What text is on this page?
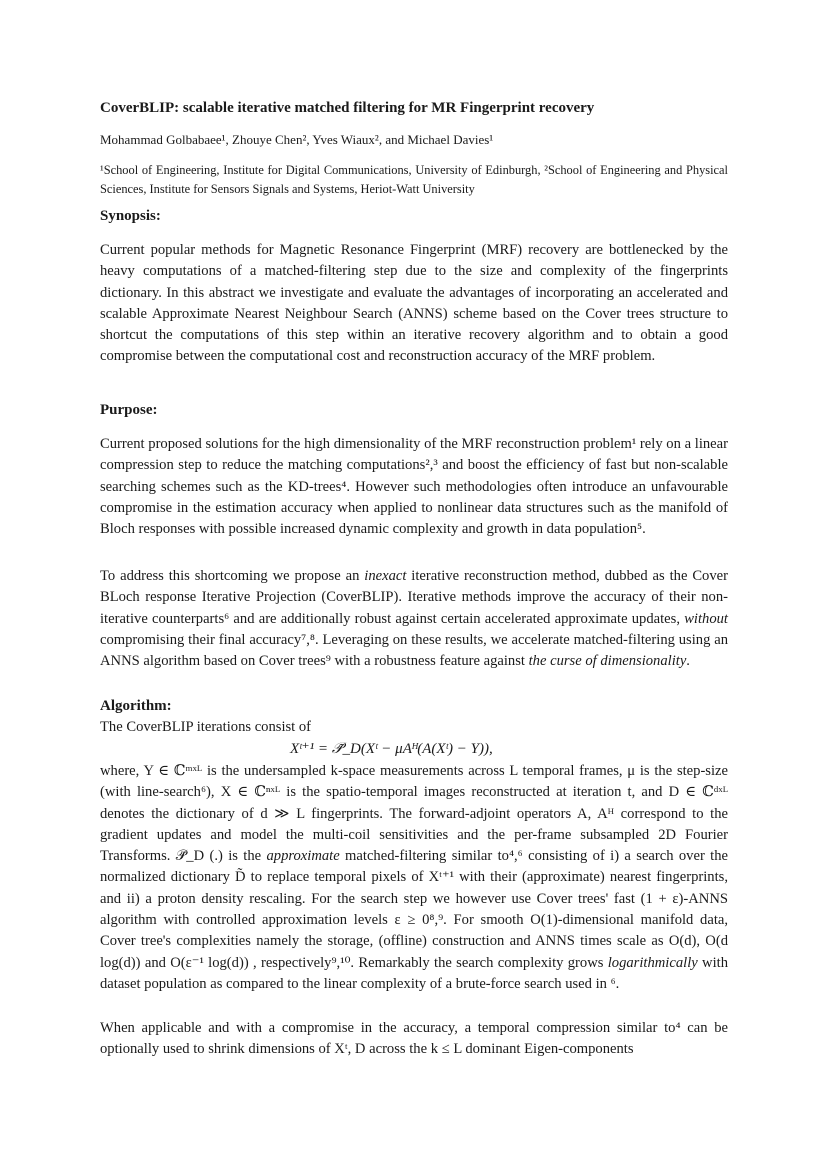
CoverBLIP: scalable iterative matched filtering for MR Fingerprint recovery
Mohammad Golbabaee¹, Zhouye Chen², Yves Wiaux², and Michael Davies¹
¹School of Engineering, Institute for Digital Communications, University of Edinburgh, ²School of Engineering and Physical Sciences, Institute for Sensors Signals and Systems, Heriot-Watt University
Synopsis:
Current popular methods for Magnetic Resonance Fingerprint (MRF) recovery are bottlenecked by the heavy computations of a matched-filtering step due to the size and complexity of the fingerprints dictionary. In this abstract we investigate and evaluate the advantages of incorporating an accelerated and scalable Approximate Nearest Neighbour Search (ANNS) scheme based on the Cover trees structure to shortcut the computations of this step within an iterative recovery algorithm and to obtain a good compromise between the computational cost and reconstruction accuracy of the MRF problem.
Purpose:
Current proposed solutions for the high dimensionality of the MRF reconstruction problem¹ rely on a linear compression step to reduce the matching computations²,³ and boost the efficiency of fast but non-scalable searching schemes such as the KD-trees⁴. However such methodologies often introduce an unfavourable compromise in the estimation accuracy when applied to nonlinear data structures such as the manifold of Bloch responses with possible increased dynamic complexity and growth in data population⁵.
To address this shortcoming we propose an inexact iterative reconstruction method, dubbed as the Cover BLoch response Iterative Projection (CoverBLIP). Iterative methods improve the accuracy of their non-iterative counterparts⁶ and are additionally robust against certain accelerated approximate updates, without compromising their final accuracy⁷,⁸. Leveraging on these results, we accelerate matched-filtering using an ANNS algorithm based on Cover trees⁹ with a robustness feature against the curse of dimensionality.
Algorithm:
The CoverBLIP iterations consist of
Xᵗ⁺¹ = 𝒫̃_D(Xᵗ − μAᴴ(A(Xᵗ) − Y)),
where, Y ∈ ℂᵐˣᴸ is the undersampled k-space measurements across L temporal frames, μ is the step-size (with line-search⁶), X ∈ ℂⁿˣᴸ is the spatio-temporal images reconstructed at iteration t, and D ∈ ℂᵈˣᴸ denotes the dictionary of d ≫ L fingerprints. The forward-adjoint operators A, Aᴴ correspond to the gradient updates and model the multi-coil sensitivities and the per-frame subsampled 2D Fourier Transforms. 𝒫̃_D (.) is the approximate matched-filtering similar to⁴,⁶ consisting of i) a search over the normalized dictionary D̃ to replace temporal pixels of Xᵗ⁺¹ with their (approximate) nearest fingerprints, and ii) a proton density rescaling. For the search step we however use Cover trees' fast (1 + ε)-ANNS algorithm with controlled approximation levels ε ≥ 0⁸,⁹. For smooth O(1)-dimensional manifold data, Cover tree's complexities namely the storage, (offline) construction and ANNS times scale as O(d), O(d log(d)) and O(ε⁻¹ log(d)) , respectively⁹,¹⁰. Remarkably the search complexity grows logarithmically with dataset population as compared to the linear complexity of a brute-force search used in ⁶.
When applicable and with a compromise in the accuracy, a temporal compression similar to⁴ can be optionally used to shrink dimensions of Xᵗ, D across the k ≤ L dominant Eigen-components
